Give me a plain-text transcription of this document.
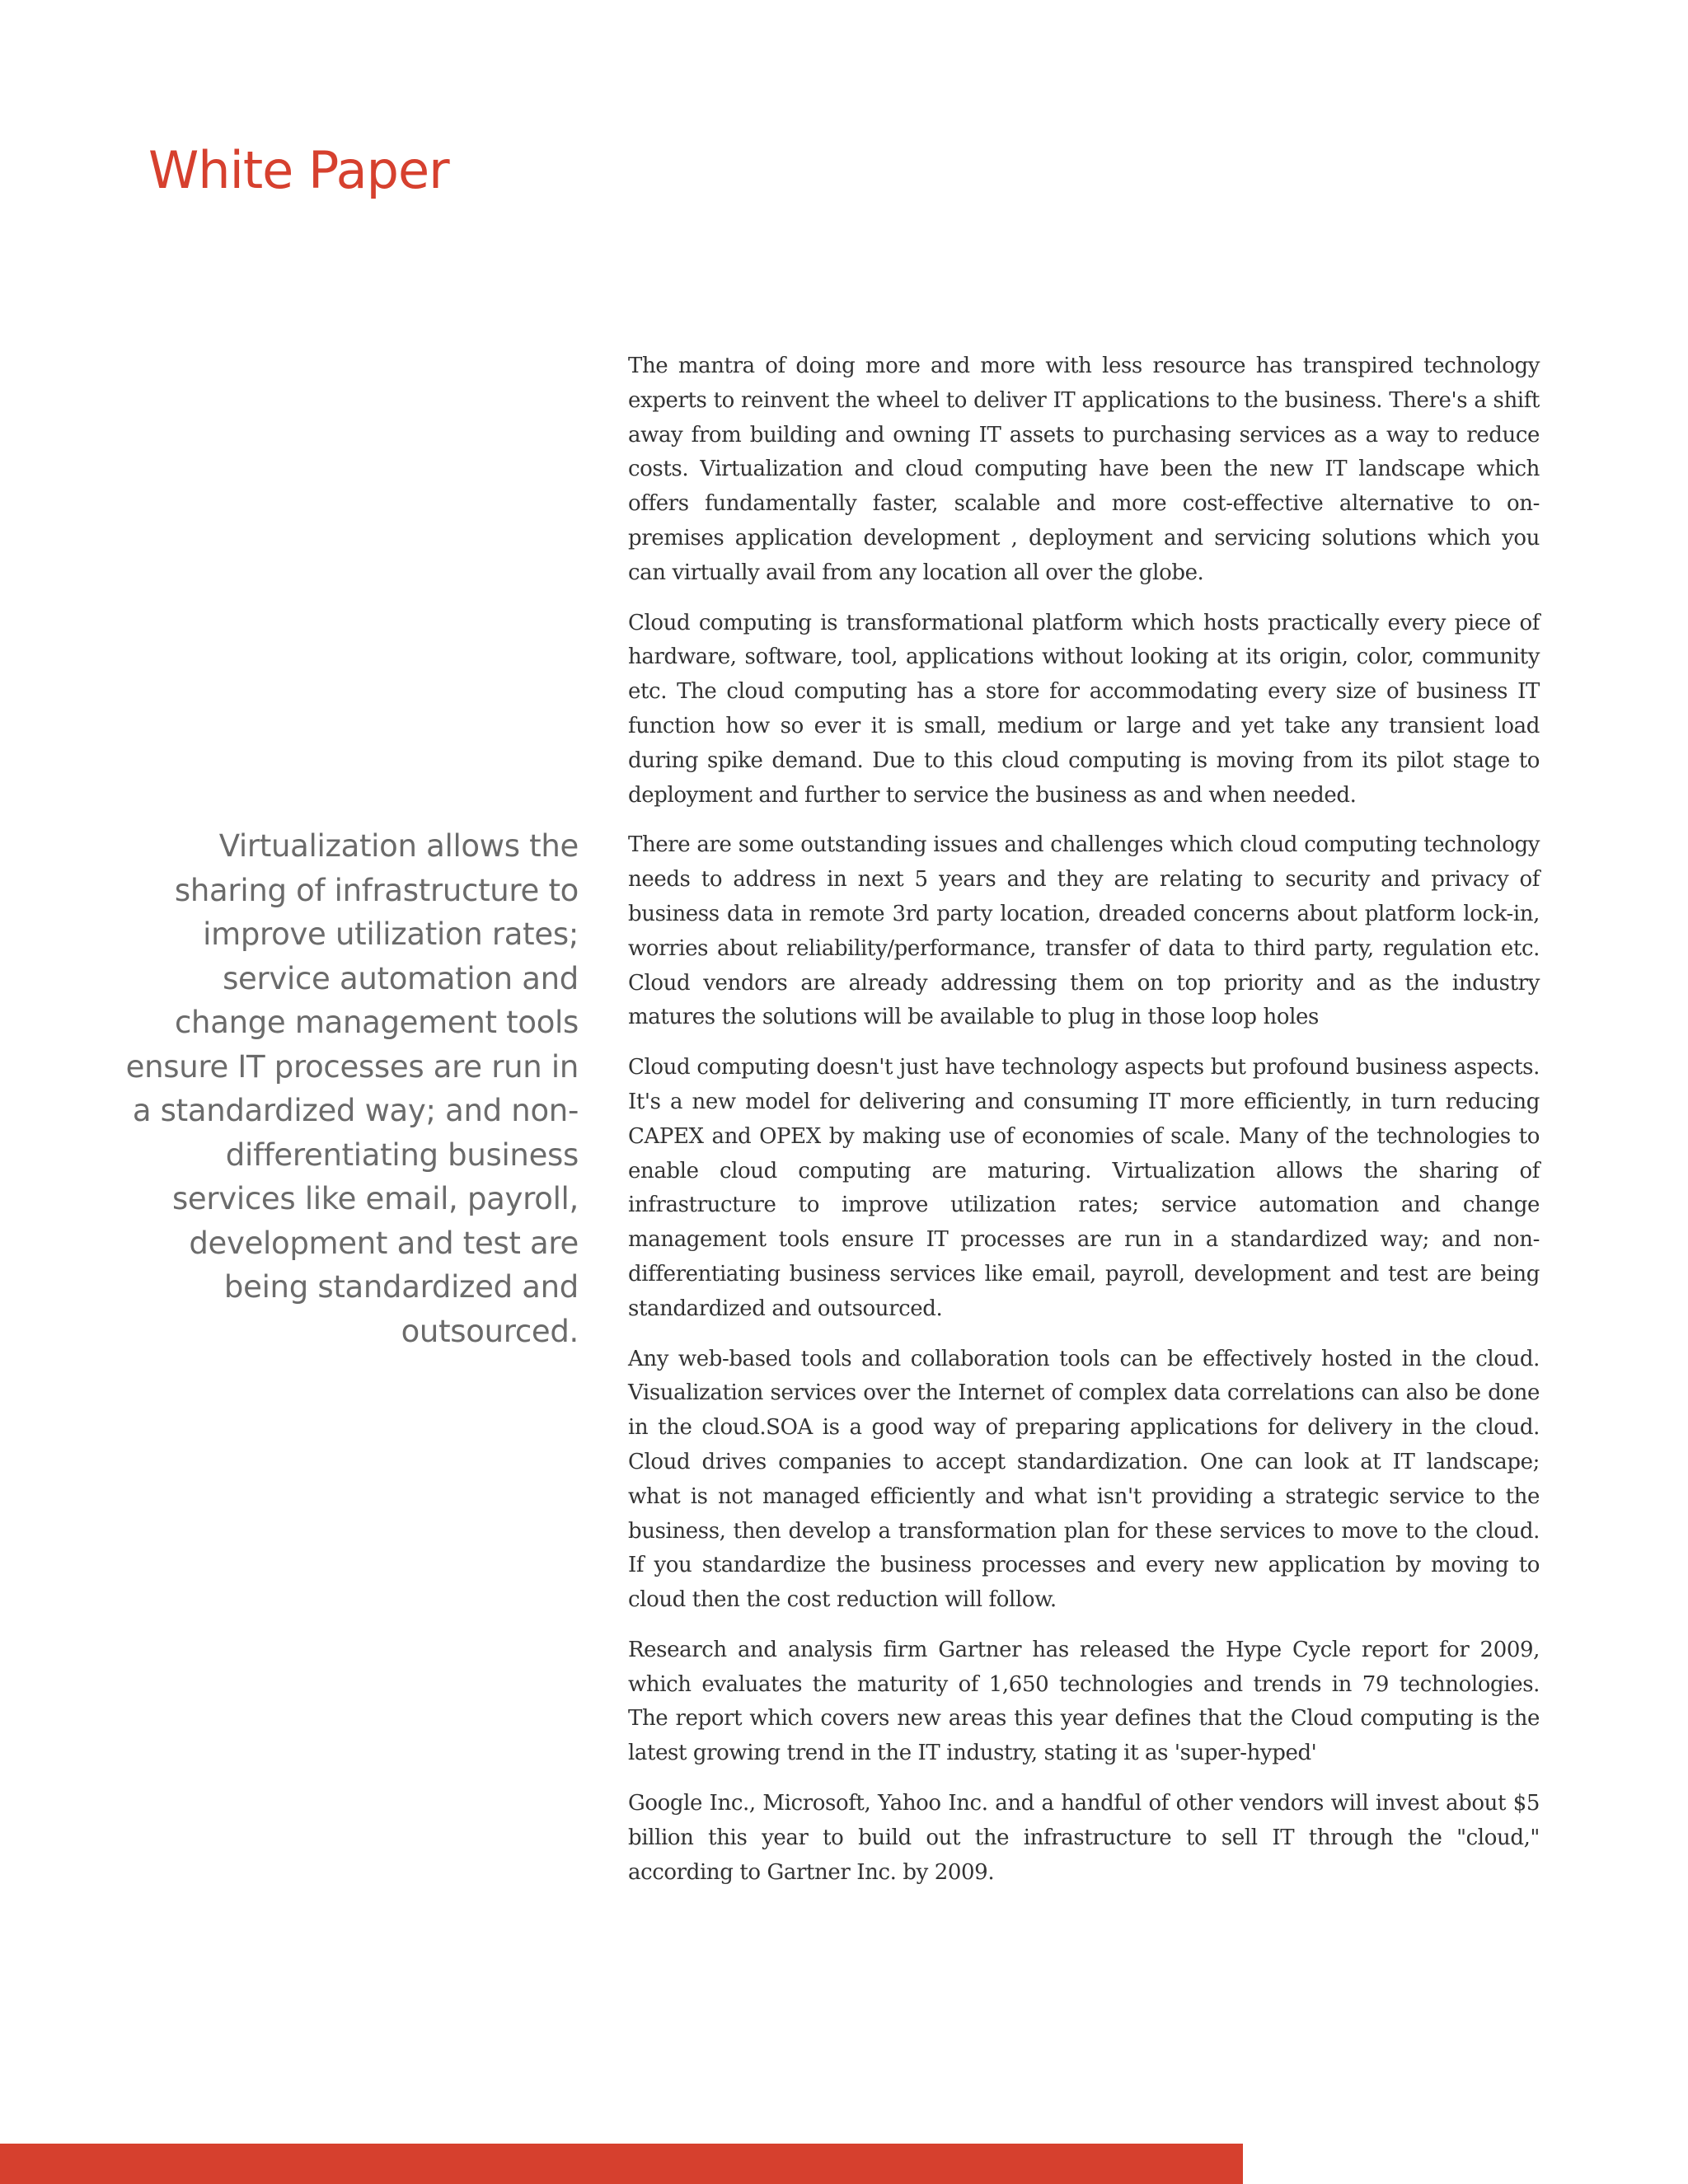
White Paper

Virtualization allows the sharing of infrastructure to improve utilization rates; service automation and change management tools ensure IT processes are run in a standardized way; and non-differentiating business services like email, payroll, development and test are being standardized and outsourced.

The mantra of doing more and more with less resource has transpired technology experts to reinvent the wheel to deliver IT applications to the business. There's a shift away from building and owning IT assets to purchasing services as a way to reduce costs. Virtualization and cloud computing have been the new IT landscape which offers fundamentally faster, scalable and more cost-effective alternative to on-premises application development , deployment and servicing solutions which you can virtually avail from any location all over the globe.

Cloud computing is transformational platform which hosts practically every piece of hardware, software, tool, applications without looking at its origin, color, community etc. The cloud computing has a store for accommodating every size of business IT function how so ever it is small, medium or large and yet take any transient load during spike demand. Due to this cloud computing is moving from its pilot stage to deployment and further to service the business as and when needed.

There are some outstanding issues and challenges which cloud computing technology needs to address in next 5 years and they are relating to security and privacy of business data in remote 3rd party location, dreaded concerns about platform lock-in, worries about reliability/performance, transfer of data to third party, regulation etc. Cloud vendors are already addressing them on top priority and as the industry matures the solutions will be available to plug in those loop holes

Cloud computing doesn't just have technology aspects but profound business aspects. It's a new model for delivering and consuming IT more efficiently, in turn reducing CAPEX and OPEX by making use of economies of scale. Many of the technologies to enable cloud computing are maturing. Virtualization allows the sharing of infrastructure to improve utilization rates; service automation and change management tools ensure IT processes are run in a standardized way; and non-differentiating business services like email, payroll, development and test are being standardized and outsourced.

Any web-based tools and collaboration tools can be effectively hosted in the cloud. Visualization services over the Internet of complex data correlations can also be done in the cloud.SOA is a good way of preparing applications for delivery in the cloud. Cloud drives companies to accept standardization. One can look at IT landscape; what is not managed efficiently and what isn't providing a strategic service to the business, then develop a transformation plan for these services to move to the cloud. If you standardize the business processes and every new application by moving to cloud then the cost reduction will follow.

Research and analysis firm Gartner has released the Hype Cycle report for 2009, which evaluates the maturity of 1,650 technologies and trends in 79 technologies. The report which covers new areas this year defines that the Cloud computing is the latest growing trend in the IT industry, stating it as 'super-hyped'

Google Inc., Microsoft, Yahoo Inc. and a handful of other vendors will invest about $5 billion this year to build out the infrastructure to sell IT through the "cloud," according to Gartner Inc. by 2009.
